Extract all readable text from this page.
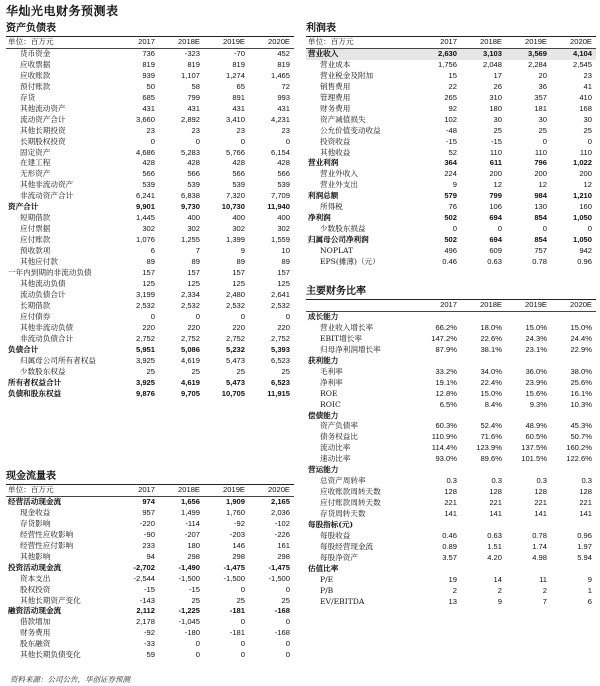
华灿光电财务预测表
资产负债表
单位：百万元	2017	2018E	2019E	2020E
货币资金	736	-323	-70	452
应收票据	819	819	819	819
应收账款	939	1,107	1,274	1,465
预付账款	50	58	65	72
存货	685	799	891	993
其他流动资产	431	431	431	431
流动资产合计	3,660	2,892	3,410	4,231
其他长期投资	23	23	23	23
长期股权投资	0	0	0	0
固定资产	4,686	5,283	5,766	6,154
在建工程	428	428	428	428
无形资产	566	566	566	566
其他非流动资产	539	539	539	539
非流动资产合计	6,241	6,838	7,320	7,709
资产合计	9,901	9,730	10,730	11,940
短期借款	1,445	400	400	400
应付票据	302	302	302	302
应付账款	1,076	1,255	1,399	1,559
预收款项	6	7	9	10
其他应付款	89	89	89	89
一年内到期的非流动负债	157	157	157	157
其他流动负债	125	125	125	125
流动负债合计	3,199	2,334	2,480	2,641
长期借款	2,532	2,532	2,532	2,532
应付债券	0	0	0	0
其他非流动负债	220	220	220	220
非流动负债合计	2,752	2,752	2,752	2,752
负债合计	5,951	5,086	5,232	5,393
归属母公司所有者权益	3,925	4,619	5,473	6,523
少数股东权益	25	25	25	25
所有者权益合计	3,925	4,619	5,473	6,523
负债和股东权益	9,876	9,705	10,705	11,915
利润表
单位：百万元	2017	2018E	2019E	2020E
营业收入	2,630	3,103	3,569	4,104
营业成本	1,756	2,048	2,284	2,545
营业税金及附加	15	17	20	23
销售费用	22	26	36	41
管理费用	265	310	357	410
财务费用	92	180	181	168
资产减值损失	102	30	30	30
公允价值变动收益	-48	25	25	25
投资收益	-15	-15	0	0
其他收益	52	110	110	110
营业利润	364	611	796	1,022
营业外收入	224	200	200	200
营业外支出	9	12	12	12
利润总额	579	799	984	1,210
所得税	76	106	130	160
净利润	502	694	854	1,050
少数股东损益	0	0	0	0
归属母公司净利润	502	694	854	1,050
NOPLAT	496	609	757	942
EPS(摊薄)（元）	0.46	0.63	0.78	0.96
主要财务比率
	2017	2018E	2019E	2020E
成长能力				
营业收入增长率	66.2%	18.0%	15.0%	15.0%
EBIT增长率	147.2%	22.6%	24.3%	24.4%
归母净利润增长率	87.9%	38.1%	23.1%	22.9%
获利能力				
毛利率	33.2%	34.0%	36.0%	38.0%
净利率	19.1%	22.4%	23.9%	25.6%
ROE	12.8%	15.0%	15.6%	16.1%
ROIC	6.5%	8.4%	9.3%	10.3%
偿债能力				
资产负债率	60.3%	52.4%	48.9%	45.3%
债务权益比	110.9%	71.6%	60.5%	50.7%
流动比率	114.4%	123.9%	137.5%	160.2%
速动比率	93.0%	89.6%	101.5%	122.6%
营运能力				
总资产周转率	0.3	0.3	0.3	0.3
应收账款周转天数	128	128	128	128
应付账款周转天数	221	221	221	221
存货周转天数	141	141	141	141
每股指标(元)				
每股收益	0.46	0.63	0.78	0.96
每股经营现金流	0.89	1.51	1.74	1.97
每股净资产	3.57	4.20	4.98	5.94
估值比率				
P/E	19	14	11	9
P/B	2	2	2	1
EV/EBITDA	13	9	7	6
现金流量表
单位：百万元	2017	2018E	2019E	2020E
经营活动现金流	974	1,656	1,909	2,165
现金收益	957	1,499	1,760	2,036
存货影响	-220	-114	-92	-102
经营性应收影响	-90	-207	-203	-226
经营性应付影响	233	180	146	161
其他影响	94	298	298	298
投资活动现金流	-2,702	-1,490	-1,475	-1,475
资本支出	-2,544	-1,500	-1,500	-1,500
股权投资	-15	-15	0	0
其他长期资产变化	-143	25	25	25
融资活动现金流	2,112	-1,225	-181	-168
借款增加	2,178	-1,045	0	0
财务费用	-92	-180	-181	-168
股东融资	-33	0	0	0
其他长期负债变化	59	0	0	0
资料来源：公司公告，华创证券预测
